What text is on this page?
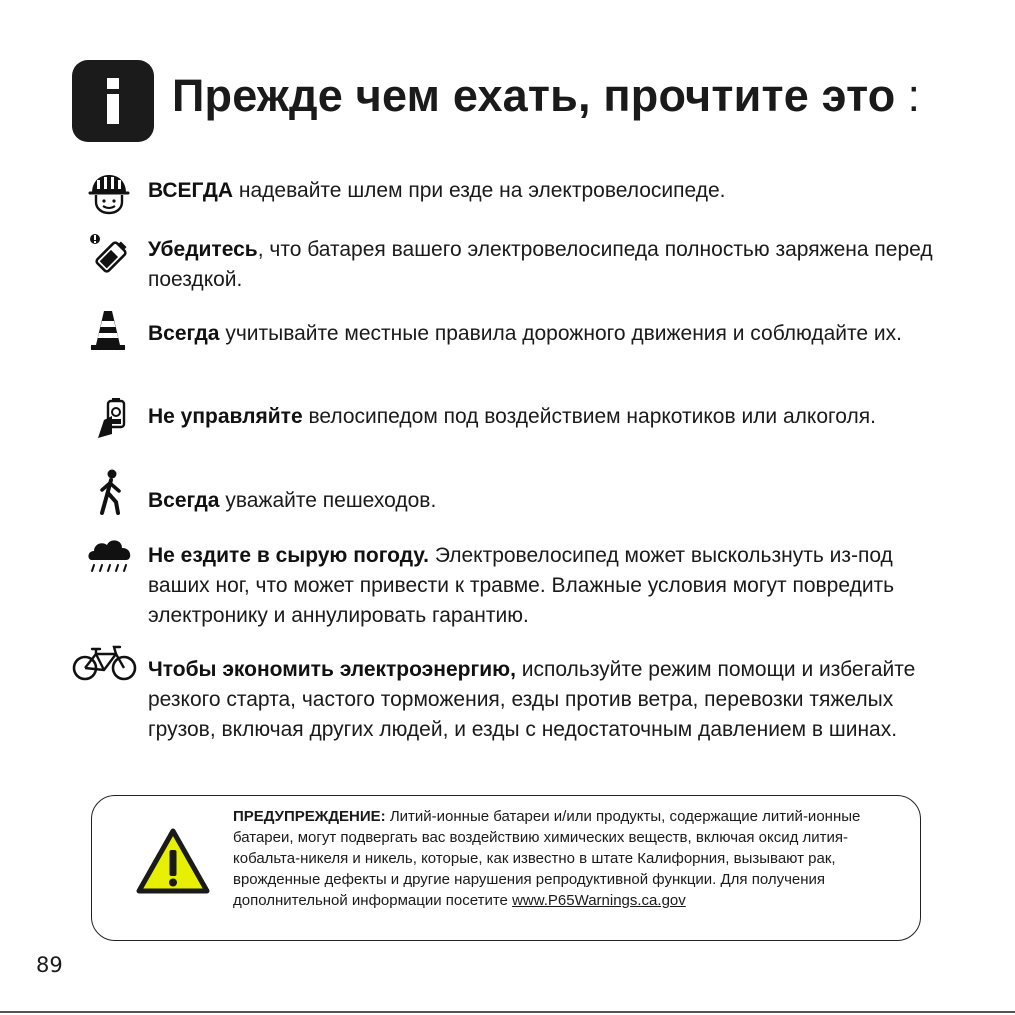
Прежде чем ехать, прочтите это :
ВСЕГДА надевайте шлем при езде на электровелосипеде.
Убедитесь, что батарея вашего электровелосипеда полностью заряжена перед поездкой.
Всегда учитывайте местные правила дорожного движения и соблюдайте их.
Не управляйте велосипедом под воздействием наркотиков или алкоголя.
Всегда уважайте пешеходов.
Не ездите в сырую погоду. Электровелосипед может выскользнуть из-под ваших ног, что может привести к травме. Влажные условия могут повредить электронику и аннулировать гарантию.
Чтобы экономить электроэнергию, используйте режим помощи и избегайте резкого старта, частого торможения, езды против ветра, перевозки тяжелых грузов, включая других людей, и езды с недостаточным давлением в шинах.
ПРЕДУПРЕЖДЕНИЕ: Литий-ионные батареи и/или продукты, содержащие литий-ионные батареи, могут подвергать вас воздействию химических веществ, включая оксид лития-кобальта-никеля и никель, которые, как известно в штате Калифорния, вызывают рак, врожденные дефекты и другие нарушения репродуктивной функции. Для получения дополнительной информации посетите www.P65Warnings.ca.gov
89
